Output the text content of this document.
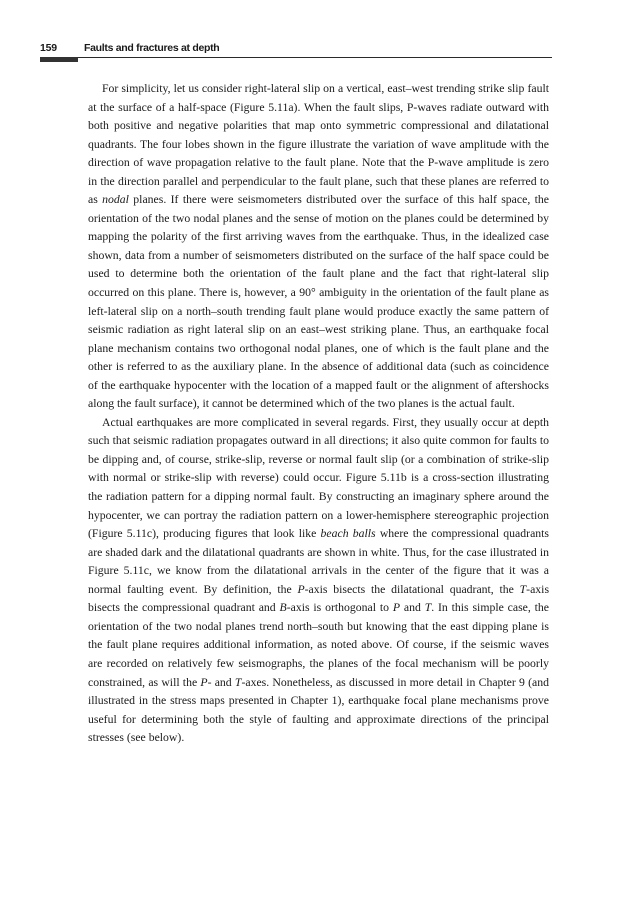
159	Faults and fractures at depth

For simplicity, let us consider right-lateral slip on a vertical, east–west trending strike slip fault at the surface of a half-space (Figure 5.11a). When the fault slips, P-waves radiate outward with both positive and negative polarities that map onto symmetric compressional and dilatational quadrants. The four lobes shown in the figure illustrate the variation of wave amplitude with the direction of wave propagation relative to the fault plane. Note that the P-wave amplitude is zero in the direction parallel and perpendicular to the fault plane, such that these planes are referred to as nodal planes. If there were seismometers distributed over the surface of this half space, the orientation of the two nodal planes and the sense of motion on the planes could be determined by mapping the polarity of the first arriving waves from the earthquake. Thus, in the idealized case shown, data from a number of seismometers distributed on the surface of the half space could be used to determine both the orientation of the fault plane and the fact that right-lateral slip occurred on this plane. There is, however, a 90° ambiguity in the orientation of the fault plane as left-lateral slip on a north–south trending fault plane would produce exactly the same pattern of seismic radiation as right lateral slip on an east–west striking plane. Thus, an earthquake focal plane mechanism contains two orthogonal nodal planes, one of which is the fault plane and the other is referred to as the auxiliary plane. In the absence of additional data (such as coincidence of the earthquake hypocenter with the location of a mapped fault or the alignment of aftershocks along the fault surface), it cannot be determined which of the two planes is the actual fault.

Actual earthquakes are more complicated in several regards. First, they usually occur at depth such that seismic radiation propagates outward in all directions; it also quite common for faults to be dipping and, of course, strike-slip, reverse or normal fault slip (or a combination of strike-slip with normal or strike-slip with reverse) could occur. Figure 5.11b is a cross-section illustrating the radiation pattern for a dipping normal fault. By constructing an imaginary sphere around the hypocenter, we can portray the radiation pattern on a lower-hemisphere stereographic projection (Figure 5.11c), producing figures that look like beach balls where the compressional quadrants are shaded dark and the dilatational quadrants are shown in white. Thus, for the case illustrated in Figure 5.11c, we know from the dilatational arrivals in the center of the figure that it was a normal faulting event. By definition, the P-axis bisects the dilatational quadrant, the T-axis bisects the compressional quadrant and B-axis is orthogonal to P and T. In this simple case, the orientation of the two nodal planes trend north–south but knowing that the east dipping plane is the fault plane requires additional information, as noted above. Of course, if the seismic waves are recorded on relatively few seismographs, the planes of the focal mechanism will be poorly constrained, as will the P- and T-axes. Nonetheless, as discussed in more detail in Chapter 9 (and illustrated in the stress maps presented in Chapter 1), earthquake focal plane mechanisms prove useful for determining both the style of faulting and approximate directions of the principal stresses (see below).
